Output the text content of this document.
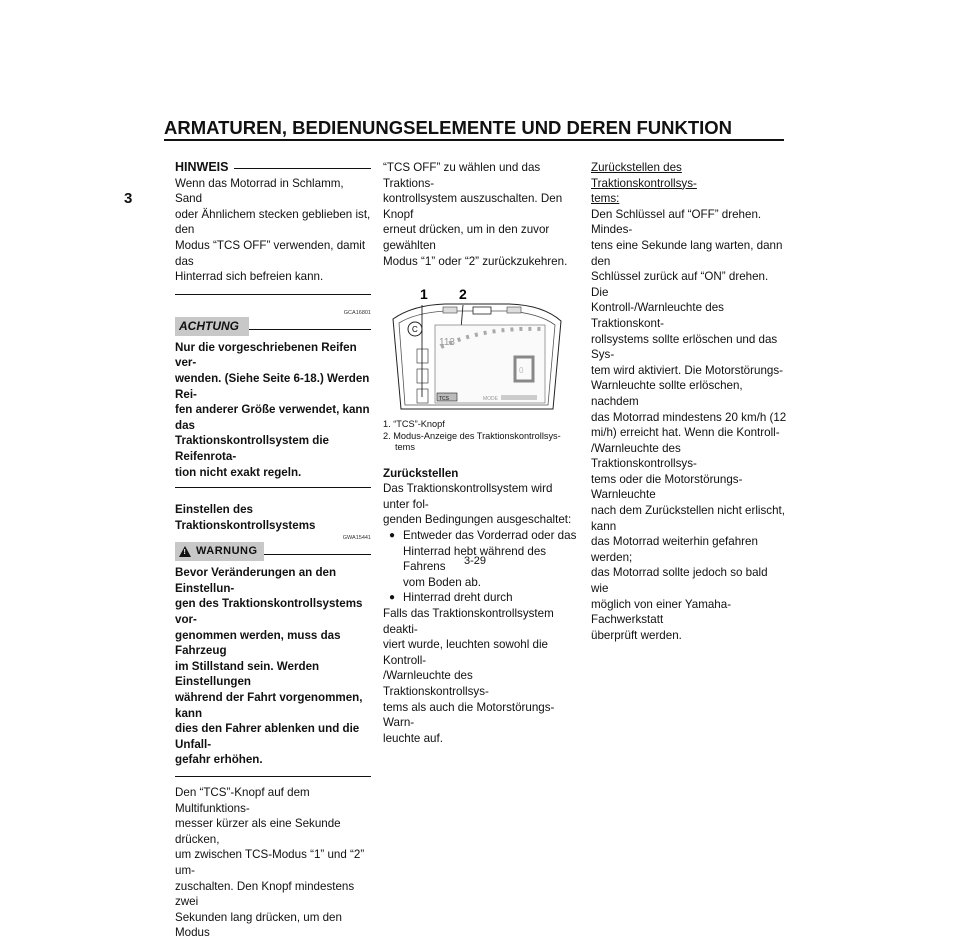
ARMATUREN, BEDIENUNGSELEMENTE UND DEREN FUNKTION
3
HINWEIS

Wenn das Motorrad in Schlamm, Sand

oder Ähnlichem stecken geblieben ist, den

Modus “TCS OFF” verwenden, damit das

Hinterrad sich befreien kann.

GCA16801
ACHTUNG

Nur die vorgeschriebenen Reifen ver-

wenden. (Siehe Seite 6-18.) Werden Rei-

fen anderer Größe verwendet, kann das

Traktionskontrollsystem die Reifenrota-

tion nicht exakt regeln.

Einstellen des Traktionskontrollsystems

GWA15441
! WARNUNG

Bevor Veränderungen an den Einstellun-

gen des Traktionskontrollsystems vor-

genommen werden, muss das Fahrzeug

im Stillstand sein. Werden Einstellungen

während der Fahrt vorgenommen, kann

dies den Fahrer ablenken und die Unfall-

gefahr erhöhen.

Den “TCS”-Knopf auf dem Multifunktions-

messer kürzer als eine Sekunde drücken,

um zwischen TCS-Modus “1” und “2” um-

zuschalten. Den Knopf mindestens zwei

Sekunden lang drücken, um den Modus

“TCS OFF” zu wählen und das Traktions-

kontrollsystem auszuschalten. Den Knopf

erneut drücken, um in den zuvor gewählten

Modus “1” oder “2” zurückzukehren.

1 2
C
113
0
TCS	MODE
1. “TCS”-Knopf
2. Modus-Anzeige des Traktionskontrollsys-
tems

Zurückstellen

Das Traktionskontrollsystem wird unter fol-

genden Bedingungen ausgeschaltet:

● Entweder das Vorderrad oder das

Hinterrad hebt während des Fahrens

vom Boden ab.

● Hinterrad dreht durch

Falls das Traktionskontrollsystem deakti-

viert wurde, leuchten sowohl die Kontroll-

/Warnleuchte des Traktionskontrollsys-

tems als auch die Motorstörungs-Warn-

leuchte auf.

Zurückstellen des Traktionskontrollsys-

tems:

Den Schlüssel auf “OFF” drehen. Mindes-

tens eine Sekunde lang warten, dann den

Schlüssel zurück auf “ON” drehen. Die

Kontroll-/Warnleuchte des Traktionskont-

rollsystems sollte erlöschen und das Sys-

tem wird aktiviert. Die Motorstörungs-

Warnleuchte sollte erlöschen, nachdem

das Motorrad mindestens 20 km/h (12

mi/h) erreicht hat. Wenn die Kontroll-

/Warnleuchte des Traktionskontrollsys-

tems oder die Motorstörungs-Warnleuchte

nach dem Zurückstellen nicht erlischt, kann

das Motorrad weiterhin gefahren werden;

das Motorrad sollte jedoch so bald wie

möglich von einer Yamaha-Fachwerkstatt

überprüft werden.

3-29
